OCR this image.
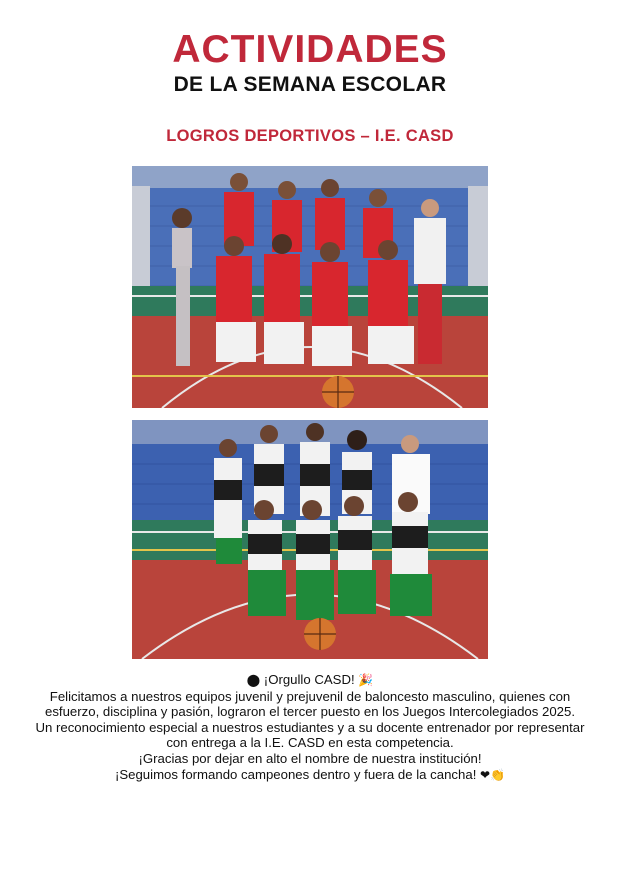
ACTIVIDADES
DE LA SEMANA ESCOLAR
LOGROS DEPORTIVOS – I.E. CASD

⬤ ¡Orgullo CASD! 🎉

Felicitamos a nuestros equipos juvenil y prejuvenil de baloncesto masculino, quienes con esfuerzo, disciplina y pasión, lograron el tercer puesto en los Juegos Intercolegiados 2025.

Un reconocimiento especial a nuestros estudiantes y a su docente entrenador por representar con entrega a la I.E. CASD en esta competencia.

¡Gracias por dejar en alto el nombre de nuestra institución!

¡Seguimos formando campeones dentro y fuera de la cancha! ❤👏
